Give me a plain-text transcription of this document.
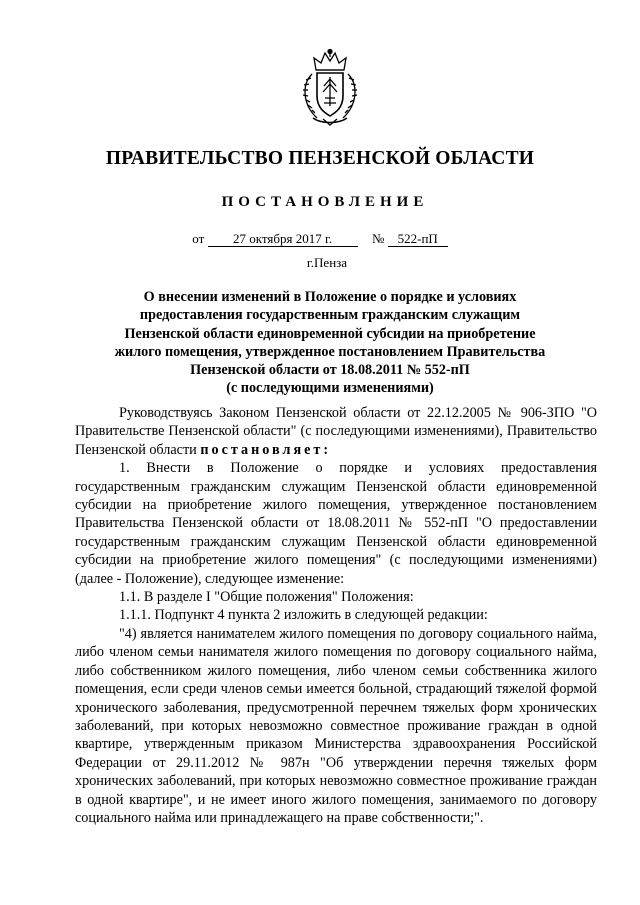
ПРАВИТЕЛЬСТВО ПЕНЗЕНСКОЙ ОБЛАСТИ
ПОСТАНОВЛЕНИЕ
от 27 октября 2017 г.	№ 522-пП
г.Пенза
О внесении изменений в Положение о порядке и условиях
предоставления государственным гражданским служащим
Пензенской области единовременной субсидии на приобретение
жилого помещения, утвержденное постановлением Правительства
Пензенской области от 18.08.2011 № 552-пП
(с последующими изменениями)

Руководствуясь Законом Пензенской области от 22.12.2005 № 906-ЗПО "О Правительстве Пензенской области" (с последующими изменениями), Правительство Пензенской области постановляет:

1. Внести в Положение о порядке и условиях предоставления государственным гражданским служащим Пензенской области единовременной субсидии на приобретение жилого помещения, утвержденное постановлением Правительства Пензенской области от 18.08.2011 № 552-пП "О предоставлении государственным гражданским служащим Пензенской области единовременной субсидии на приобретение жилого помещения" (с последующими изменениями) (далее - Положение), следующее изменение:

1.1. В разделе I "Общие положения" Положения:

1.1.1. Подпункт 4 пункта 2 изложить в следующей редакции:

"4) является нанимателем жилого помещения по договору социального найма, либо членом семьи нанимателя жилого помещения по договору социального найма, либо собственником жилого помещения, либо членом семьи собственника жилого помещения, если среди членов семьи имеется больной, страдающий тяжелой формой хронического заболевания, предусмотренной перечнем тяжелых форм хронических заболеваний, при которых невозможно совместное проживание граждан в одной квартире, утвержденным приказом Министерства здравоохранения Российской Федерации от 29.11.2012 № 987н "Об утверждении перечня тяжелых форм хронических заболеваний, при которых невозможно совместное проживание граждан в одной квартире", и не имеет иного жилого помещения, занимаемого по договору социального найма или принадлежащего на праве собственности;".
